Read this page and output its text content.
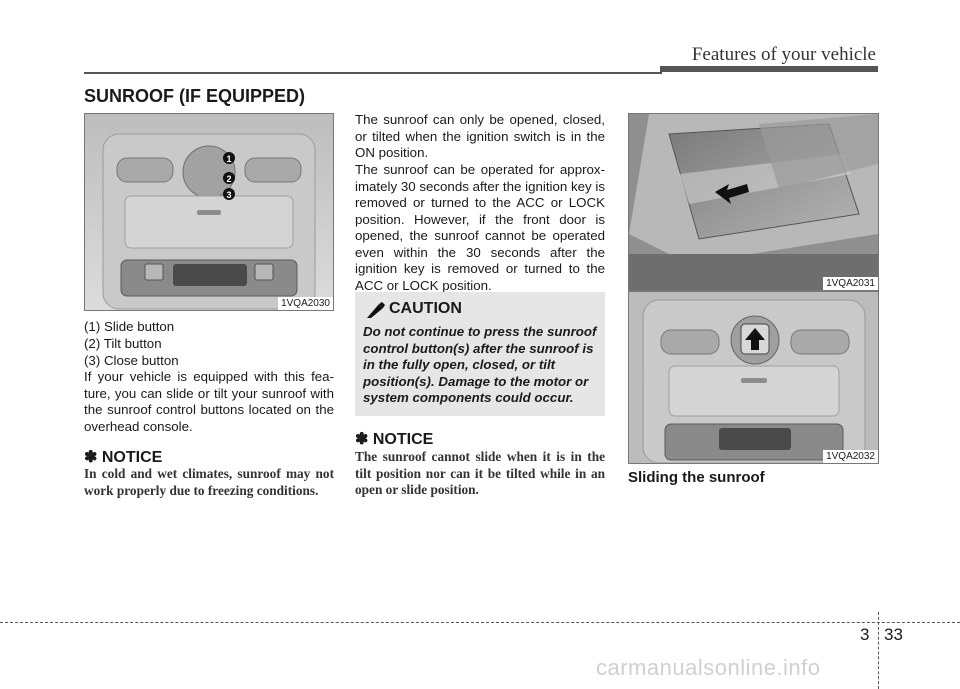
Features of your vehicle
SUNROOF (IF EQUIPPED)
1
2
3
1VQA2030
(1) Slide button
(2) Tilt button
(3) Close button
If your vehicle is equipped with this feature, you can slide or tilt your sunroof with the sunroof control buttons located on the overhead console.
✽ NOTICE
In cold and wet climates, sunroof may not work properly due to freezing conditions.
The sunroof can only be opened, closed, or tilted when the ignition switch is in the ON position.
The sunroof can be operated for approximately 30 seconds after the ignition key is removed or turned to the ACC or LOCK position. However, if the front door is opened, the sunroof cannot be operated even within the 30 seconds after the ignition key is removed or turned to the ACC or LOCK position.
CAUTION
Do not continue to press the sunroof control button(s) after the sunroof is in the fully open, closed, or tilt position(s). Damage to the motor or system components could occur.
✽ NOTICE
The sunroof cannot slide when it is in the tilt position nor can it be tilted while in an open or slide position.
1VQA2031
1VQA2032
Sliding the sunroof
3 33
carmanualsonline.info
